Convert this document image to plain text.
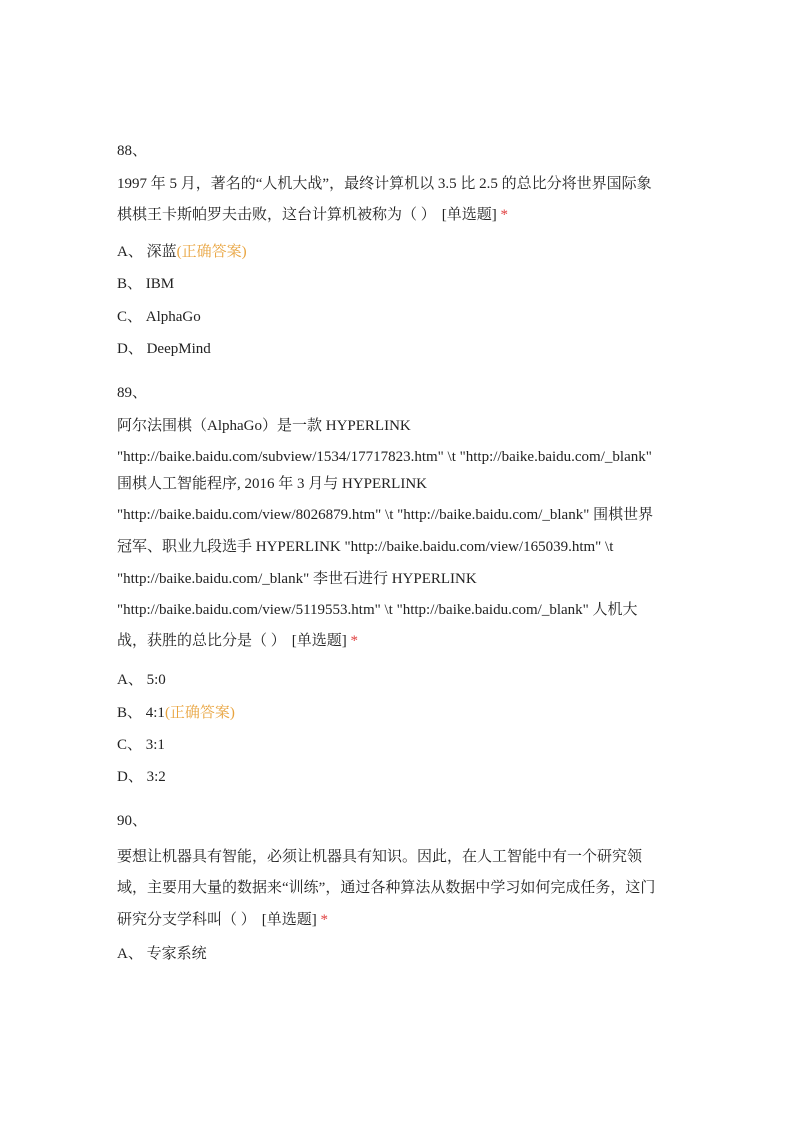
88、
1997 年 5 月，著名的“人机大战”，最终计算机以 3.5 比 2.5 的总比分将世界国际象
棋棋王卡斯帕罗夫击败，这台计算机被称为（ ） [单选题] *
A、 深蓝(正确答案)
B、 IBM
C、 AlphaGo
D、 DeepMind
89、
阿尔法围棋（AlphaGo）是一款 HYPERLINK
"http://baike.baidu.com/subview/1534/17717823.htm" \t "http://baike.baidu.com/_blank"
围棋人工智能程序, 2016 年 3 月与 HYPERLINK
"http://baike.baidu.com/view/8026879.htm" \t "http://baike.baidu.com/_blank" 围棋世界
冠军、职业九段选手 HYPERLINK "http://baike.baidu.com/view/165039.htm" \t
"http://baike.baidu.com/_blank" 李世石进行 HYPERLINK
"http://baike.baidu.com/view/5119553.htm" \t "http://baike.baidu.com/_blank" 人机大
战，获胜的总比分是（ ） [单选题] *
A、 5:0
B、 4:1(正确答案)
C、 3:1
D、 3:2
90、
要想让机器具有智能，必须让机器具有知识。因此，在人工智能中有一个研究领
域，主要用大量的数据来“训练”，通过各种算法从数据中学习如何完成任务，这门
研究分支学科叫（ ） [单选题] *
A、 专家系统
